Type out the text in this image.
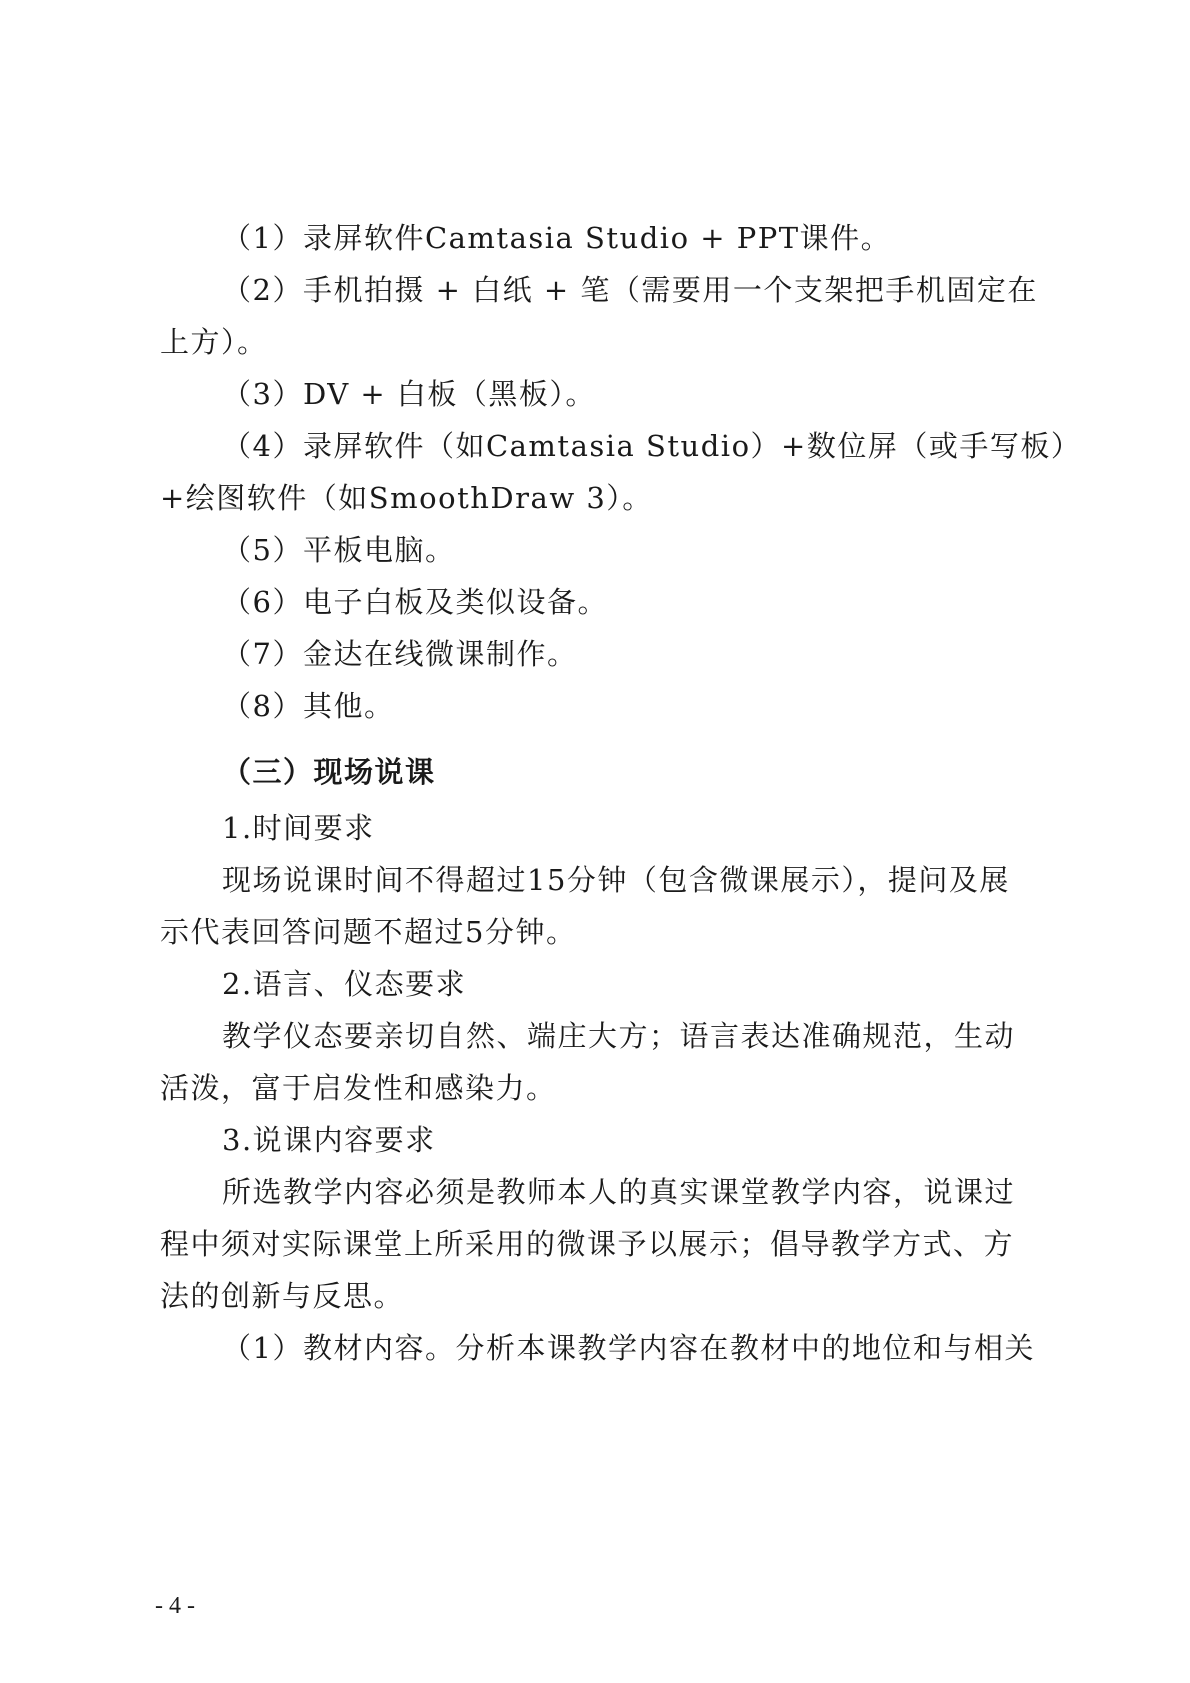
（1）录屏软件Camtasia Studio + PPT课件。

（2）手机拍摄 + 白纸 + 笔（需要用一个支架把手机固定在

上方）。

（3）DV + 白板（黑板）。

（4）录屏软件（如Camtasia Studio）+数位屏（或手写板）

+绘图软件（如SmoothDraw 3）。

（5）平板电脑。

（6）电子白板及类似设备。

（7）金达在线微课制作。

（8）其他。

（三）现场说课

1.时间要求

现场说课时间不得超过15分钟（包含微课展示），提问及展

示代表回答问题不超过5分钟。

2.语言、仪态要求

教学仪态要亲切自然、端庄大方；语言表达准确规范，生动

活泼，富于启发性和感染力。

3.说课内容要求

所选教学内容必须是教师本人的真实课堂教学内容，说课过

程中须对实际课堂上所采用的微课予以展示；倡导教学方式、方

法的创新与反思。

（1）教材内容。分析本课教学内容在教材中的地位和与相关

- 4 -
